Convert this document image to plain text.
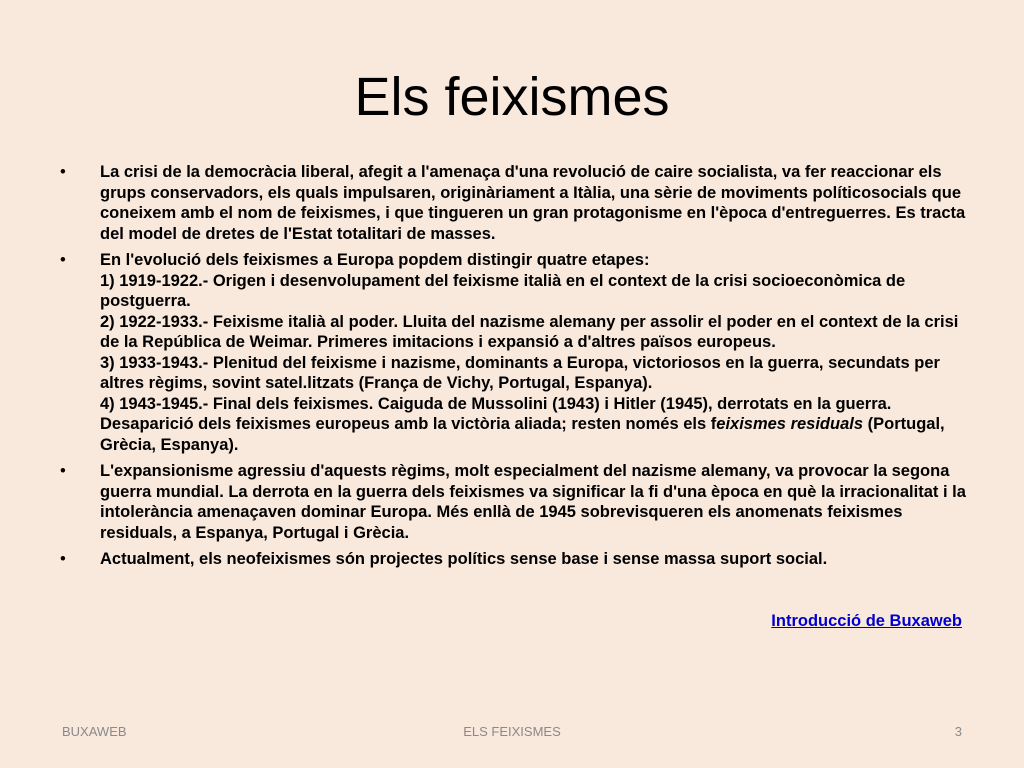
Els feixismes
• La crisi de la democràcia liberal, afegit a l'amenaça d'una revolució de caire socialista, va fer reaccionar els grups conservadors, els quals impulsaren, originàriament a Itàlia, una sèrie de moviments políticosocials que coneixem amb el nom de feixismes, i que tingueren un gran protagonisme en l'època d'entreguerres. Es tracta del model de dretes de l'Estat totalitari de masses.
• En l'evolució dels feixismes a Europa popdem distingir quatre etapes:
1) 1919-1922.- Origen i desenvolupament del feixisme italià en el context de la crisi socioeconòmica de postguerra.
2) 1922-1933.- Feixisme italià al poder. Lluita del nazisme alemany per assolir el poder en el context de la crisi de la República de Weimar. Primeres imitacions i expansió a d'altres països europeus.
3) 1933-1943.- Plenitud del feixisme i nazisme, dominants a Europa, victoriosos en la guerra, secundats per altres règims, sovint satel.litzats (França de Vichy, Portugal, Espanya).
4) 1943-1945.- Final dels feixismes. Caiguda de Mussolini (1943) i Hitler (1945), derrotats en la guerra. Desaparició dels feixismes europeus amb la victòria aliada; resten només els feixismes residuals (Portugal, Grècia, Espanya).
• L'expansionisme agressiu d'aquests règims, molt especialment del nazisme alemany, va provocar la segona guerra mundial. La derrota en la guerra dels feixismes va significar la fi d'una època en què la irracionalitat i la intolerància amenaçaven dominar Europa. Més enllà de 1945 sobrevisqueren els anomenats feixismes residuals, a Espanya, Portugal i Grècia.
• Actualment, els neofeixismes són projectes polítics sense base i sense massa suport social.
Introducció de Buxaweb
BUXAWEB	ELS FEIXISMES	3
